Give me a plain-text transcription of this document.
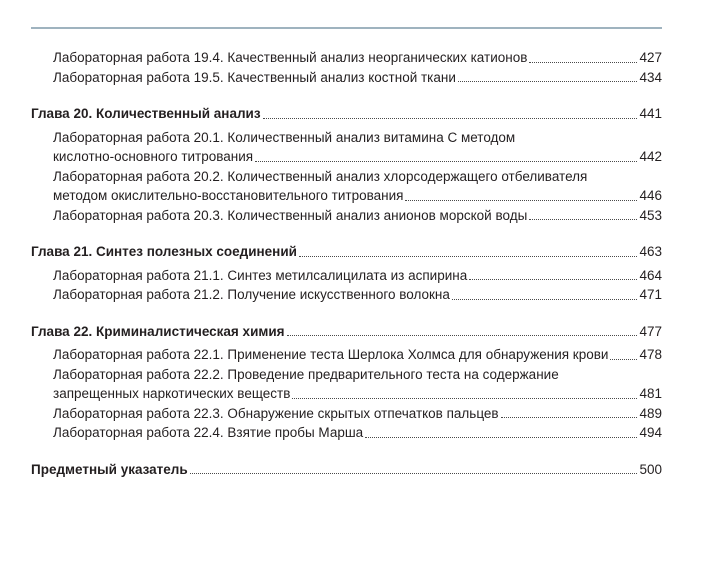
Лабораторная работа 19.4. Качественный анализ неорганических катионов	427
Лабораторная работа 19.5. Качественный анализ костной ткани	434
Глава 20. Количественный анализ	441
Лабораторная работа 20.1. Количественный анализ витамина С методом
кислотно-основного титрования	442
Лабораторная работа 20.2. Количественный анализ хлорсодержащего отбеливателя
методом окислительно-восстановительного титрования	446
Лабораторная работа 20.3. Количественный анализ анионов морской воды	453
Глава 21. Синтез полезных соединений	463
Лабораторная работа 21.1. Синтез метилсалицилата из аспирина	464
Лабораторная работа 21.2. Получение искусственного волокна	471
Глава 22. Криминалистическая химия	477
Лабораторная работа 22.1. Применение теста Шерлока Холмса для обнаружения крови 478
Лабораторная работа 22.2. Проведение предварительного теста на содержание
запрещенных наркотических веществ	481
Лабораторная работа 22.3. Обнаружение скрытых отпечатков пальцев	489
Лабораторная работа 22.4. Взятие пробы Марша	494
Предметный указатель	500
